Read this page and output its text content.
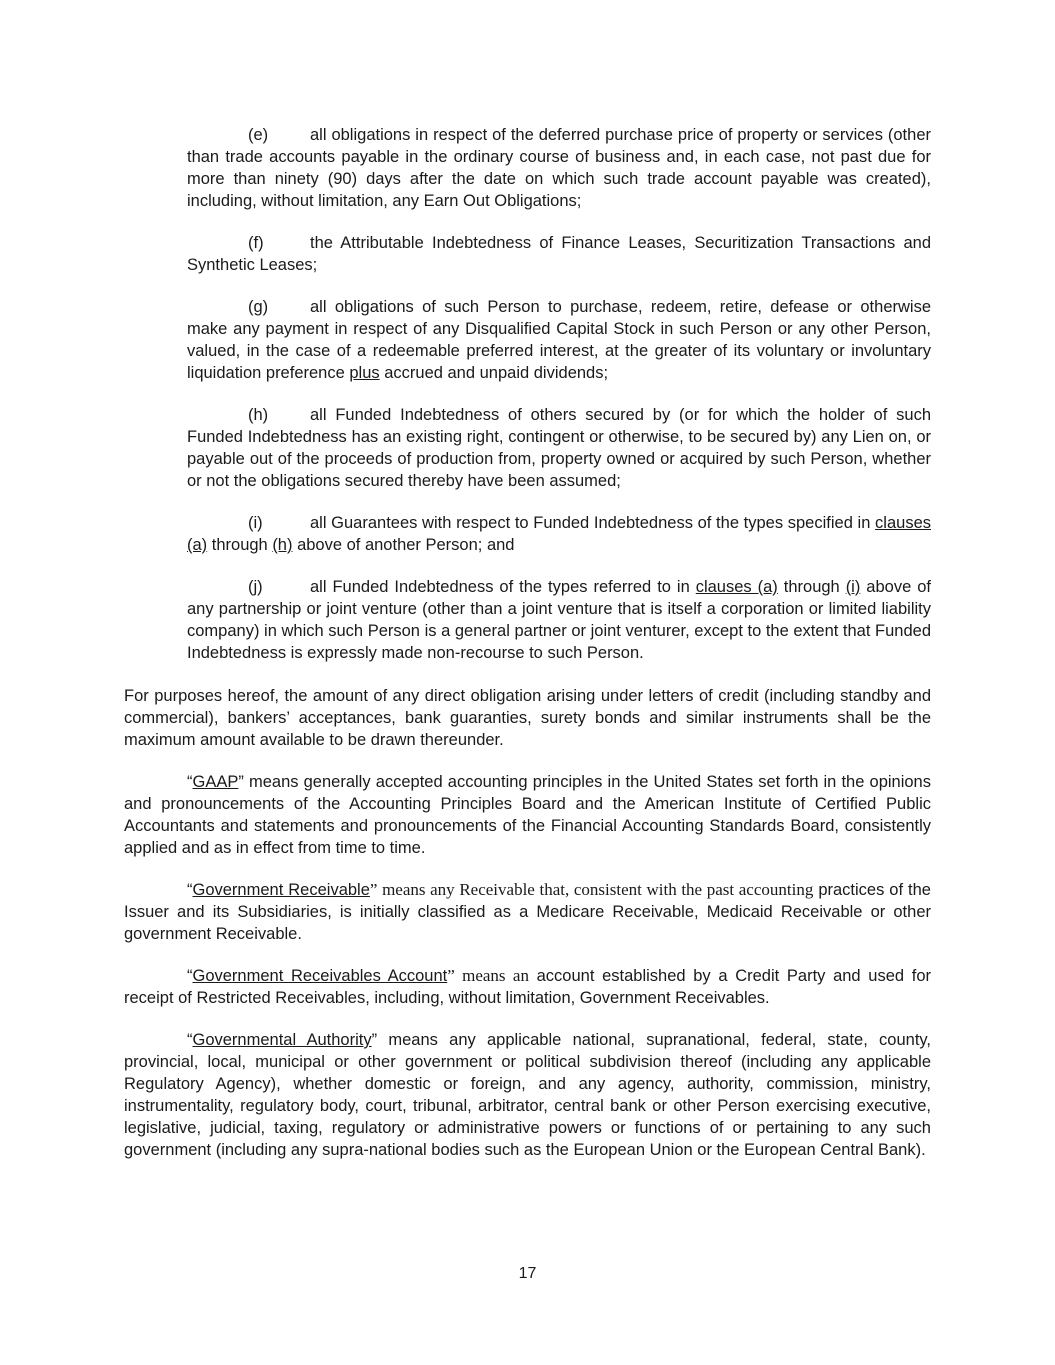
(e)	all obligations in respect of the deferred purchase price of property or services (other than trade accounts payable in the ordinary course of business and, in each case, not past due for more than ninety (90) days after the date on which such trade account payable was created), including, without limitation, any Earn Out Obligations;

(f)	the Attributable Indebtedness of Finance Leases, Securitization Transactions and Synthetic Leases;

(g)	all obligations of such Person to purchase, redeem, retire, defease or otherwise make any payment in respect of any Disqualified Capital Stock in such Person or any other Person, valued, in the case of a redeemable preferred interest, at the greater of its voluntary or involuntary liquidation preference plus accrued and unpaid dividends;

(h)	all Funded Indebtedness of others secured by (or for which the holder of such Funded Indebtedness has an existing right, contingent or otherwise, to be secured by) any Lien on, or payable out of the proceeds of production from, property owned or acquired by such Person, whether or not the obligations secured thereby have been assumed;

(i)	all Guarantees with respect to Funded Indebtedness of the types specified in clauses (a) through (h) above of another Person; and

(j)	all Funded Indebtedness of the types referred to in clauses (a) through (i) above of any partnership or joint venture (other than a joint venture that is itself a corporation or limited liability company) in which such Person is a general partner or joint venturer, except to the extent that Funded Indebtedness is expressly made non-recourse to such Person.

For purposes hereof, the amount of any direct obligation arising under letters of credit (including standby and commercial), bankers’ acceptances, bank guaranties, surety bonds and similar instruments shall be the maximum amount available to be drawn thereunder.

“GAAP” means generally accepted accounting principles in the United States set forth in the opinions and pronouncements of the Accounting Principles Board and the American Institute of Certified Public Accountants and statements and pronouncements of the Financial Accounting Standards Board, consistently applied and as in effect from time to time.

“Government Receivable” means any Receivable that, consistent with the past accounting practices of the Issuer and its Subsidiaries, is initially classified as a Medicare Receivable, Medicaid Receivable or other government Receivable.

“Government Receivables Account” means an account established by a Credit Party and used for receipt of Restricted Receivables, including, without limitation, Government Receivables.

“Governmental Authority” means any applicable national, supranational, federal, state, county, provincial, local, municipal or other government or political subdivision thereof (including any applicable Regulatory Agency), whether domestic or foreign, and any agency, authority, commission, ministry, instrumentality, regulatory body, court, tribunal, arbitrator, central bank or other Person exercising executive, legislative, judicial, taxing, regulatory or administrative powers or functions of or pertaining to any such government (including any supra-national bodies such as the European Union or the European Central Bank).

17
